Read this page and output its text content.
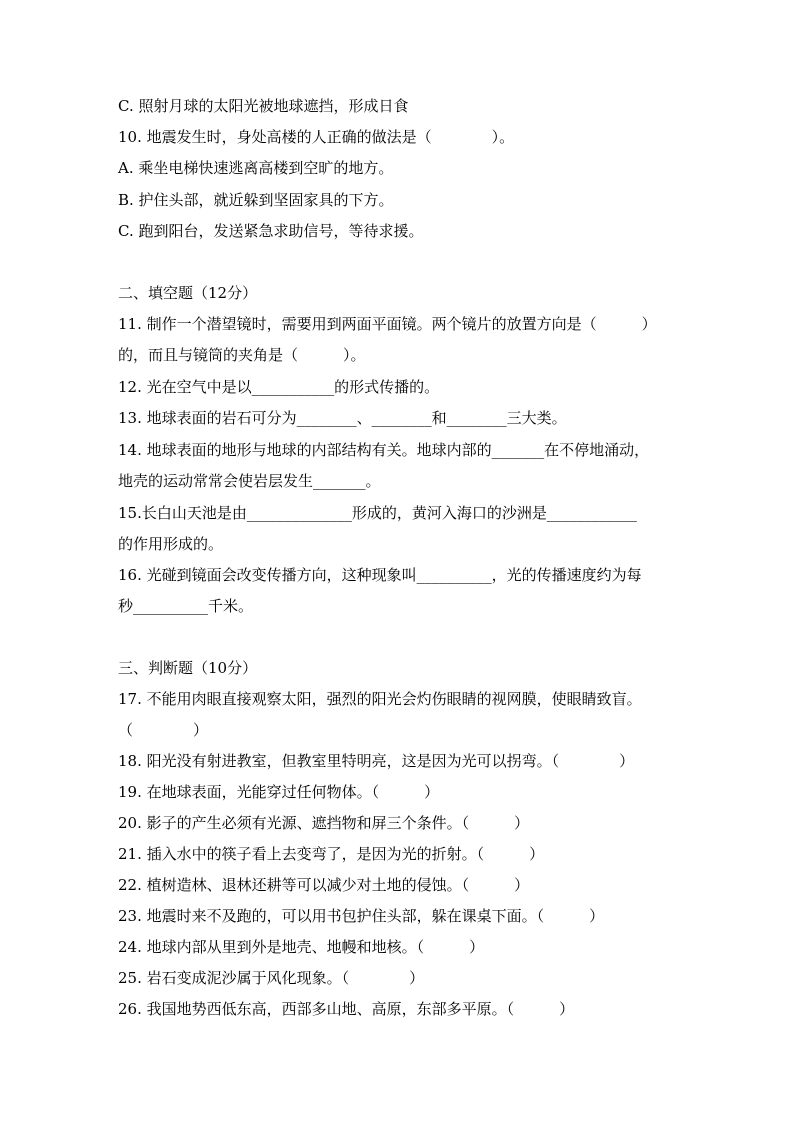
C. 照射月球的太阳光被地球遮挡，形成日食
10. 地震发生时，身处高楼的人正确的做法是（　　　　）。
A. 乘坐电梯快速逃离高楼到空旷的地方。
B. 护住头部，就近躲到坚固家具的下方。
C. 跑到阳台，发送紧急求助信号，等待求援。
二、填空题（12分）
11. 制作一个潜望镜时，需要用到两面平面镜。两个镜片的放置方向是（　　　）
的，而且与镜筒的夹角是（　　　）。
12. 光在空气中是以___________的形式传播的。
13. 地球表面的岩石可分为________、________和________三大类。
14. 地球表面的地形与地球的内部结构有关。地球内部的_______在不停地涌动，
地壳的运动常常会使岩层发生_______。
15.长白山天池是由______________形成的，黄河入海口的沙洲是____________
的作用形成的。
16. 光碰到镜面会改变传播方向，这种现象叫__________，光的传播速度约为每
秒__________千米。
三、判断题（10分）
17. 不能用肉眼直接观察太阳，强烈的阳光会灼伤眼睛的视网膜，使眼睛致盲。
（　　　　）
18. 阳光没有射进教室，但教室里特明亮，这是因为光可以拐弯。（　　　　）
19. 在地球表面，光能穿过任何物体。（　　　）
20. 影子的产生必须有光源、遮挡物和屏三个条件。（　　　）
21. 插入水中的筷子看上去变弯了，是因为光的折射。（　　　）
22. 植树造林、退林还耕等可以减少对土地的侵蚀。（　　　）
23. 地震时来不及跑的，可以用书包护住头部，躲在课桌下面。（　　　）
24. 地球内部从里到外是地壳、地幔和地核。（　　　）
25. 岩石变成泥沙属于风化现象。（　　　　）
26. 我国地势西低东高，西部多山地、高原，东部多平原。（　　　）
